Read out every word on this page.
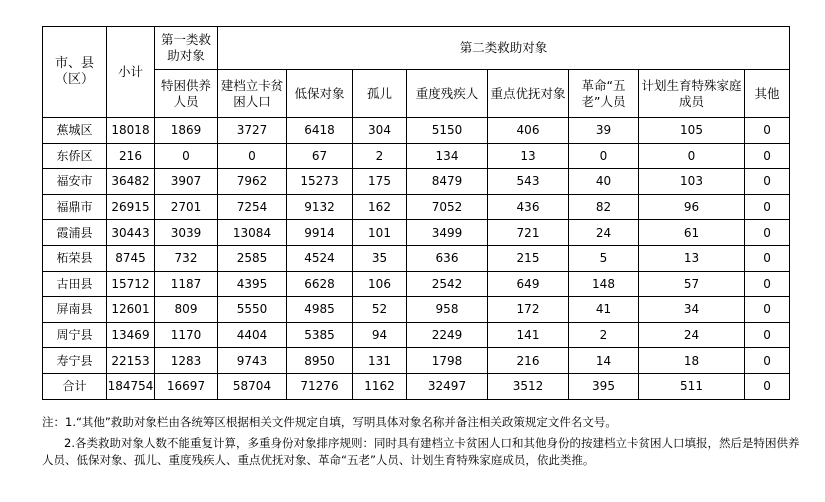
市、县（区）	小计	第一类救助对象	第二类救助对象							
		特困供养人员	建档立卡贫困人口	低保对象	孤儿	重度残疾人	重点优抚对象	革命“五老”人员	计划生育特殊家庭成员	其他
蕉城区	18018	1869	3727	6418	304	5150	406	39	105	0
东侨区	216	0	0	67	2	134	13	0	0	0
福安市	36482	3907	7962	15273	175	8479	543	40	103	0
福鼎市	26915	2701	7254	9132	162	7052	436	82	96	0
霞浦县	30443	3039	13084	9914	101	3499	721	24	61	0
柘荣县	8745	732	2585	4524	35	636	215	5	13	0
古田县	15712	1187	4395	6628	106	2542	649	148	57	0
屏南县	12601	809	5550	4985	52	958	172	41	34	0
周宁县	13469	1170	4404	5385	94	2249	141	2	24	0
寿宁县	22153	1283	9743	8950	131	1798	216	14	18	0
合计	184754	16697	58704	71276	1162	32497	3512	395	511	0

注：1.“其他”救助对象栏由各统筹区根据相关文件规定自填，写明具体对象名称并备注相关政策规定文件名文号。

2.各类救助对象人数不能重复计算，多重身份对象排序规则：同时具有建档立卡贫困人口和其他身份的按建档立卡贫困人口填报，然后是特困供养人员、低保对象、孤儿、重度残疾人、重点优抚对象、革命“五老”人员、计划生育特殊家庭成员，依此类推。
